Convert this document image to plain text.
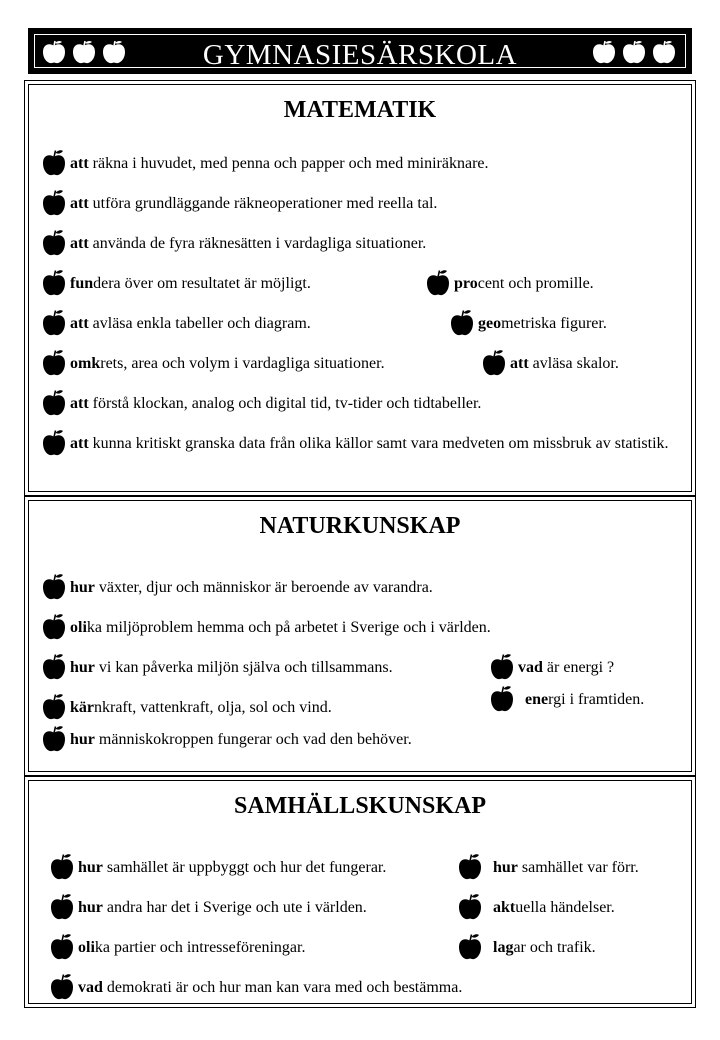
GYMNASIESÄRSKOLA
MATEMATIK
att räkna i huvudet, med penna och papper och med miniräknare.
att utföra grundläggande räkneoperationer med reella tal.
att använda de fyra räknesätten i vardagliga situationer.
fundera över om resultatet är möjligt.	procent och promille.
att avläsa enkla tabeller och diagram.	geometriska figurer.
omkrets, area och volym i vardagliga situationer.	att avläsa skalor.
att förstå klockan, analog och digital tid, tv-tider och tidtabeller.
att kunna kritiskt granska data från olika källor samt vara medveten om missbruk av statistik.
NATURKUNSKAP
hur växter, djur och människor är beroende av varandra.
olika miljöproblem hemma och på arbetet i Sverige och i världen.
hur vi kan påverka miljön själva och tillsammans.	vad är energi ?
energi i framtiden.
kärnkraft, vattenkraft, olja, sol och vind.
hur människokroppen fungerar och vad den behöver.
SAMHÄLLSKUNSKAP
hur samhället är uppbyggt och hur det fungerar.	hur samhället var förr.
hur andra har det i Sverige och ute i världen.	aktuella händelser.
olika partier och intresseföreningar.	lagar och trafik.
vad demokrati är och hur man kan vara med och bestämma.
